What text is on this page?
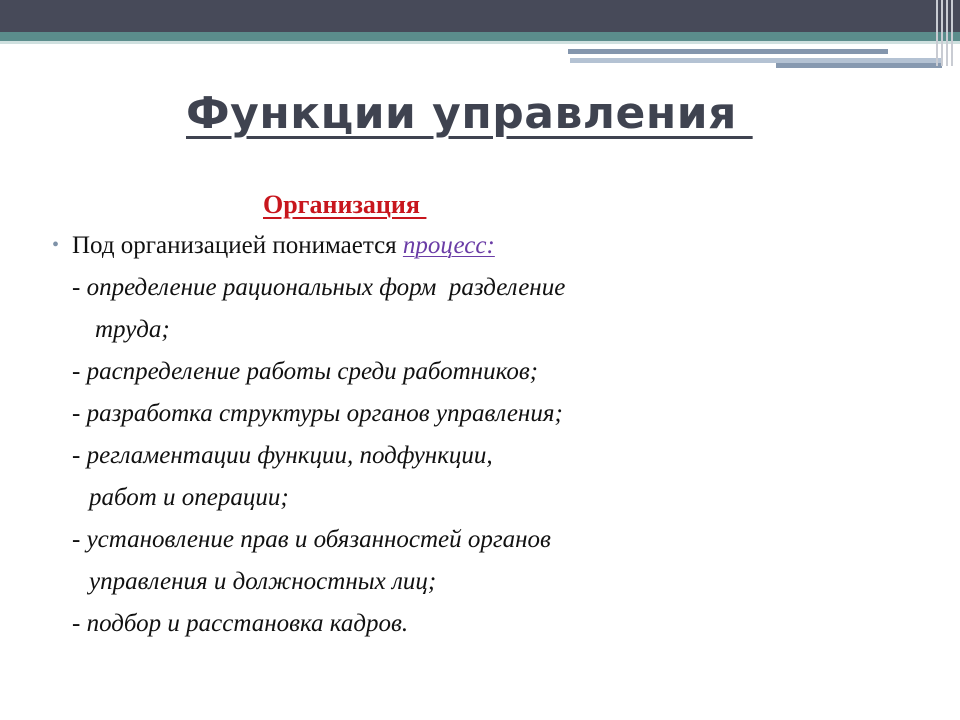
Функции управления
Организация
• Под организацией понимается процесс:
- определение рациональных форм  разделение
труда;
- распределение работы среди работников;
- разработка структуры органов управления;
- регламентации функции, подфункции,
работ и операции;
- установление прав и обязанностей органов
управления и должностных лиц;
- подбор и расстановка кадров.
